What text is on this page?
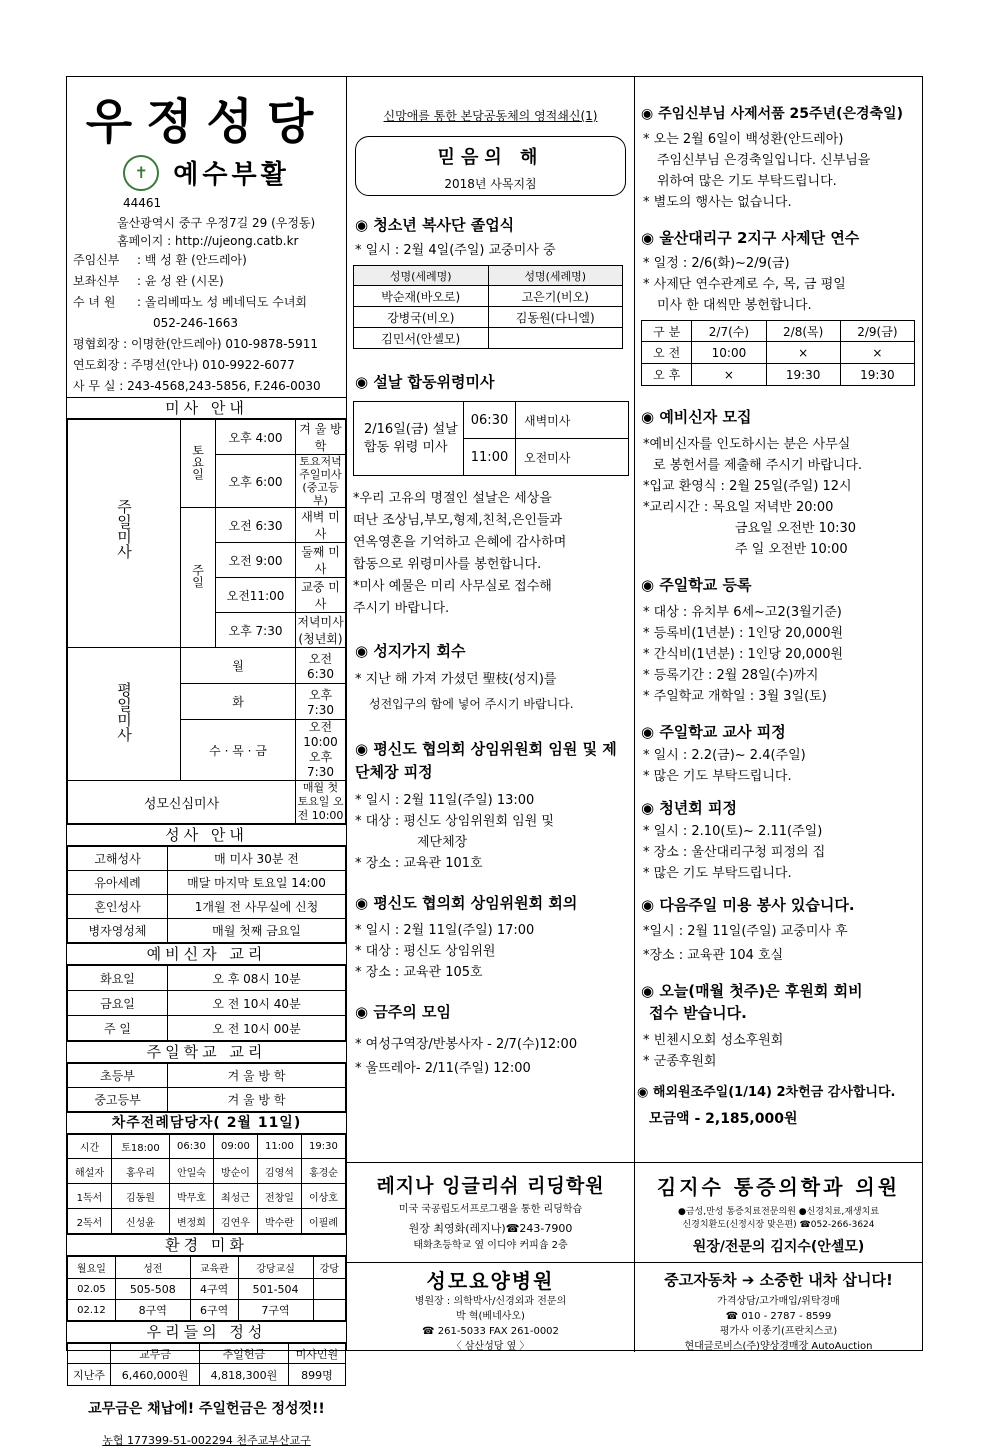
우정성당
✝ 예수부활
44461
울산광역시 중구 우정7길 29 (우정동)
홈페이지 : http://ujeong.catb.kr
주임신부	: 백 성 환 (안드레아)
보좌신부	: 윤 성 완 (시몬)
수 녀 원	: 올리베따노 성 베네딕도 수녀회
052-246-1663
평협회장 : 이명한(안드레아) 010-9878-5911
연도회장 : 주명선(안나) 010-9922-6077
사 무 실 : 243-4568,243-5856, F.246-0030
미사 안내
주일미사	토요일	오후 4:00	겨 울 방 학
		오후 6:00	토요저녁주일미사 (중고등부)
	주일	오전 6:30	새벽 미사
		오전 9:00	둘째 미사
		오전11:00	교중 미사
		오후 7:30	저녁미사(청년회)
평일미사	월		오전 6:30
	화		오후 7:30
	수 · 목 · 금		오전 10:00 오후 7:30
성모신심미사			매월 첫 토요일 오전 10:00
성사 안내
고해성사	매 미사 30분 전
유아세례	매달 마지막 토요일 14:00
혼인성사	1개월 전 사무실에 신청
병자영성체	매월 첫째 금요일
예비신자 교리
화요일	오 후 08시 10분
금요일	오 전 10시 40분
주 일	오 전 10시 00분
주일학교 교리
초등부	겨 울 방 학
중고등부	겨 울 방 학
차주전례담당자( 2월 11일)
시간	토18:00	06:30	09:00	11:00	19:30
해설자	홍우리	안일숙	방순이	김영석	홍경순
1독서	김동원	박무호	최성근	전창일	이상호
2독서	신성윤	변정희	김연우	박수란	이필례
환경 미화
월요일	성전	교육관	강당교실	강당
02.05	505-508	4구역	501-504	
02.12	8구역	6구역	7구역	
우리들의 정성
	교무금	주일헌금	미사인원
지난주	6,460,000원	4,818,300원	899명
교무금은 채납에! 주일헌금은 정성껏!!
농협 177399-51-002294 천주교부산교구
신망애를 통한 본당공동체의 영적쇄신(1)
믿음의 해
2018년 사목지침
◉ 청소년 복사단 졸업식
* 일시 : 2월 4일(주일) 교중미사 중
성명(세례명)	성명(세례명)
박순재(바오로)	고은기(비오)
강병국(비오)	김동원(다니엘)
김민서(안셀모)	
◉ 설날 합동위령미사
2/16일(금) 설날 합동 위령 미사	06:30	새벽미사
	11:00	오전미사
*우리 고유의 명절인 설날은 세상을
떠난 조상님,부모,형제,친척,은인들과
연옥영혼을 기억하고 은혜에 감사하며
합동으로 위령미사를 봉헌합니다.
*미사 예물은 미리 사무실로 접수해
주시기 바랍니다.
◉ 성지가지 회수
* 지난 해 가져 가셨던 聖枝(성지)를
성전입구의 함에 넣어 주시기 바랍니다.
◉ 평신도 협의회 상임위원회 임원 및 제단체장 피정
* 일시 : 2월 11일(주일) 13:00
* 대상 : 평신도 상임위원회 임원 및
제단체장
* 장소 : 교육관 101호
◉ 평신도 협의회 상임위원회 회의
* 일시 : 2월 11일(주일) 17:00
* 대상 : 평신도 상임위원
* 장소 : 교육관 105호
◉ 금주의 모임
* 여성구역장/반봉사자 - 2/7(수)12:00
* 울뜨레아- 2/11(주일) 12:00
◉ 주임신부님 사제서품 25주년(은경축일)
* 오는 2월 6일이 백성환(안드레아)
주임신부님 은경축일입니다. 신부님을
위하여 많은 기도 부탁드립니다.
* 별도의 행사는 없습니다.
◉ 울산대리구 2지구 사제단 연수
* 일정 : 2/6(화)~2/9(금)
* 사제단 연수관계로 수, 목, 금 평일
미사 한 대씩만 봉헌합니다.
구 분	2/7(수)	2/8(목)	2/9(금)
오 전	10:00	×	×
오 후	×	19:30	19:30
◉ 예비신자 모집
*예비신자를 인도하시는 분은 사무실
로 봉헌서를 제출해 주시기 바랍니다.
*입교 환영식 : 2월 25일(주일) 12시
*교리시간 : 목요일 저녁반 20:00
금요일 오전반 10:30
주 일 오전반 10:00
◉ 주일학교 등록
* 대상 : 유치부 6세~고2(3월기준)
* 등록비(1년분) : 1인당 20,000원
* 간식비(1년분) : 1인당 20,000원
* 등록기간 : 2월 28일(수)까지
* 주일학교 개학일 : 3월 3일(토)
◉ 주일학교 교사 피정
* 일시 : 2.2(금)~ 2.4(주일)
* 많은 기도 부탁드립니다.
◉ 청년회 피정
* 일시 : 2.10(토)~ 2.11(주일)
* 장소 : 울산대리구청 피정의 집
* 많은 기도 부탁드립니다.
◉ 다음주일 미용 봉사 있습니다.
*일시 : 2월 11일(주일) 교중미사 후
*장소 : 교육관 104 호실
◉ 오늘(매월 첫주)은 후원회 회비
접수 받습니다.
* 빈첸시오회 성소후원회
* 군종후원회
◉ 해외원조주일(1/14) 2차헌금 감사합니다.
모금액 - 2,185,000원
레지나 잉글리쉬 리딩학원
미국 국공립도서프로그램을 통한 리딩학습
원장 최영화(레지나)☎243-7900
태화초등학교 옆 이디야 커피숍 2층
김지수 통증의학과 의원
●금성,만성 통증치료전문의원 ●신경치료,재생치료
신경치환도(신정시장 맞은편) ☎052-266-3624
원장/전문의 김지수(안셀모)
성모요양병원
병원장 : 의학박사/신경외과 전문의
박 혁(베네사오)
☎ 261-5033 FAX 261-0002
〈 삼산성당 옆 〉
중고자동차 ➔ 소중한 내차 삽니다!
가격상담/고가매입/위탁경매
☎ 010 - 2787 - 8599
평가사 이종기(프란치스코)
현대글로비스(주)양상경매장 AutoAuction
